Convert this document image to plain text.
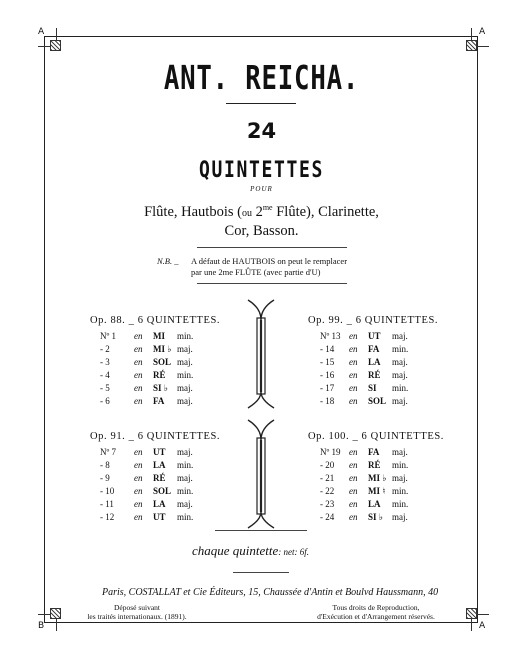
A	A
B	A
ANT. REICHA.
24
QUINTETTES
POUR
Flûte, Hautbois (ou $2^{me}$ Flûte), Clarinette,
Cor, Basson.
N.B. _ A défaut de HAUTBOIS on peut le remplacer
par une 2me FLÛTE (avec partie d'U)
Op. 88. _ 6 QUINTETTES.	Op. 99. _ 6 QUINTETTES.
Op. 91. _ 6 QUINTETTES.	Op. 100. _ 6 QUINTETTES.
Nº 1 en MI min.
- 2	en MI ♭ maj.
- 3	en SOL maj.
- 4	en RÉ min.
- 5	en SI ♭ maj.
- 6	en FA maj.
Nº 13 en UT maj.
- 14 en FA min.
- 15 en LA maj.
- 16 en RÉ maj.
- 17 en SI min.
- 18 en SOL maj.
Nº 7 en UT maj.
- 8	en LA min.
- 9	en RÉ maj.
- 10 en SOL min.
- 11 en LA maj.
- 12 en UT min.
Nº 19 en FA maj.
- 20 en RÉ min.
- 21 en MI ♭ maj.
- 22 en MI ♮ min.
- 23 en LA min.
- 24 en SI ♭ maj.
chaque quintette: net: 6f.
Paris, COSTALLAT et Cie Éditeurs, 15, Chaussée d'Antin et Boulvd Haussmann, 40
Déposé suivant
les traités internationaux. (1891).
Tous droits de Reproduction,
d'Exécution et d'Arrangement réservés.
